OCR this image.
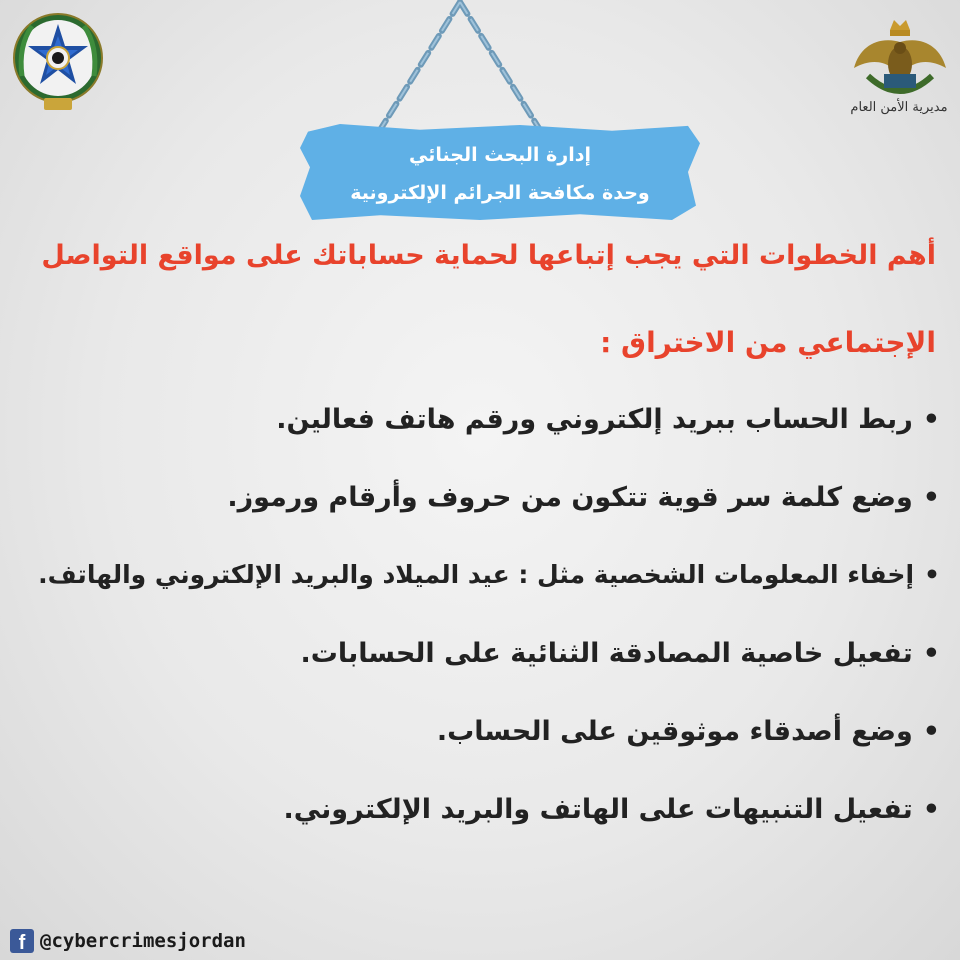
مديرية الأمن العام
إدارة البحث الجنائي
وحدة مكافحة الجرائم الإلكترونية
أهم الخطوات التي يجب إتباعها لحماية حساباتك على مواقع التواصل
الإجتماعي من الاختراق :
•ربط الحساب ببريد إلكتروني ورقم هاتف فعالين.
•وضع كلمة سر قوية تتكون من حروف وأرقام ورموز.
•إخفاء المعلومات الشخصية مثل : عيد الميلاد والبريد الإلكتروني والهاتف.
•تفعيل خاصية المصادقة الثنائية على الحسابات.
•وضع أصدقاء موثوقين على الحساب.
•تفعيل التنبيهات على الهاتف والبريد الإلكتروني.
f @cybercrimesjordan
